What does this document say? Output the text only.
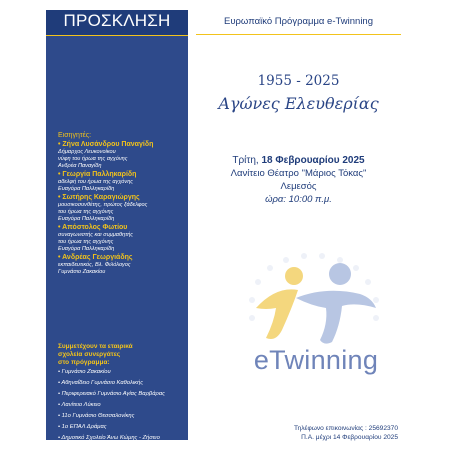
ΠΡΟΣΚΛΗΣΗ
Εισηγητές:
• Ζήνα Λυσάνδρου Παναγίδη
Δήμαρχος Λευκονοίκου
νύφη του ήρωα της αγχόνης
Ανδρέα Παναγίδη
• Γεωργία Παλληκαρίδη
αδελφή του ήρωα της αγχόνης
Ευαγόρα Παλληκαρίδη
• Σωτήρης Καραγιώργης
μουσικοσυνθέτης, πρώτος ξάδελφος
του ήρωα της αγχόνης
Ευαγόρα Παλληκαρίδη
• Απόστολος Φωτίου
συναγωνιστής και συμμαθητής
του ήρωα της αγχόνης
Ευαγόρα Παλληκαρίδη
• Ανδρέας Γεωργιάδης
εκπαιδευτικός, Βλ. Φιλόλογος
Γυμνάσιο Ζακακίου
Συμμετέχουν τα εταιρικά
σχολεία συνεργάτες
στο πρόγραμμα:
• Γυμνάσιο Ζακακίου
• Αθηναΐδειο Γυμνάσιο Καθολικής
• Περιφερειακό Γυμνάσιο Αγίας Βαρβάρας
• Λανίτειο Λύκειο
• 11ο Γυμνάσιο Θεσσαλονίκης
• 1ο ΕΠΑΛ Δράμας
• Δημοτικό Σχολείο Άνω Κώμης - Ζήσειο
Ευρωπαϊκό Πρόγραμμα e-Twinning
1955 - 2025
Αγώνες Ελευθερίας
Τρίτη, 18 Φεβρουαρίου 2025
Λανίτειο Θέατρο "Μάριος Τόκας"
Λεμεσός
ώρα: 10:00 π.μ.
eTwinning
Τηλέφωνο επικοινωνίας : 25692370
Π.Α. μέχρι 14 Φεβρουαρίου 2025
